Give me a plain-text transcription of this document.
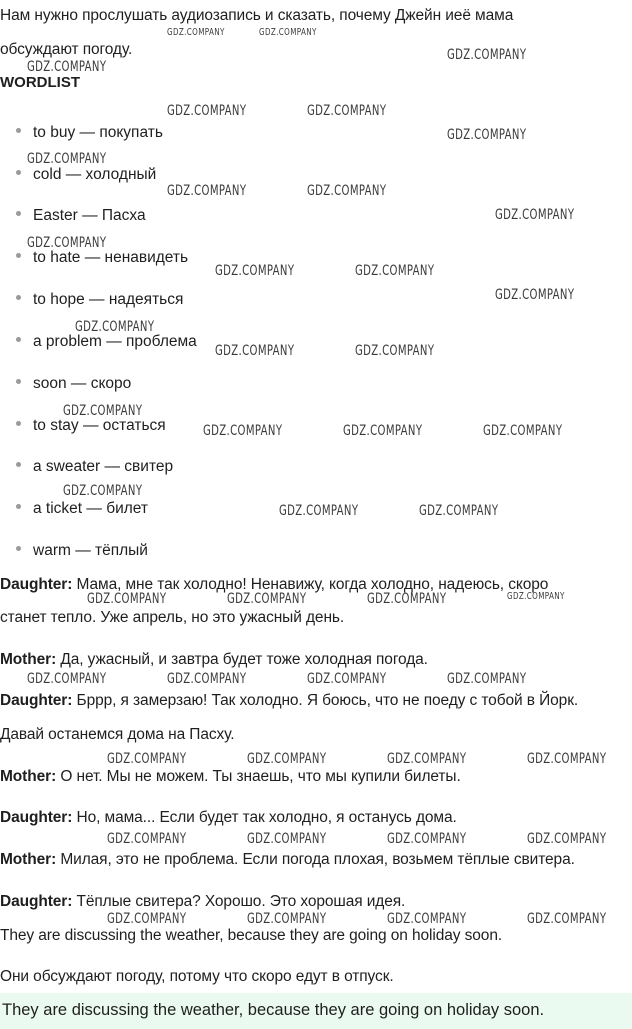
Нам нужно прослушать аудиозапись и сказать, почему Джейн иеё мама
обсуждают погоду.
WORDLIST
to buy — покупать
cold — холодный
Easter — Пасха
to hate — ненавидеть
to hope — надеяться
a problem — проблема
soon — скоро
to stay — остаться
a sweater — свитер
a ticket — билет
warm — тёплый
Daughter: Мама, мне так холодно! Ненавижу, когда холодно, надеюсь, скоро
станет тепло. Уже апрель, но это ужасный день.
Mother: Да, ужасный, и завтра будет тоже холодная погода.
Daughter: Бррр, я замерзаю! Так холодно. Я боюсь, что не поеду с тобой в Йорк.
Давай останемся дома на Пасху.
Mother: О нет. Мы не можем. Ты знаешь, что мы купили билеты.
Daughter: Но, мама... Если будет так холодно, я останусь дома.
Mother: Милая, это не проблема. Если погода плохая, возьмем тёплые свитера.
Daughter: Тёплые свитера? Хорошо. Это хорошая идея.
They are discussing the weather, because they are going on holiday soon.
Они обсуждают погоду, потому что скоро едут в отпуск.
They are discussing the weather, because they are going on holiday soon.
GDZ.COMPANY	GDZ.COMPANY
GDZ.COMPANY
GDZ.COMPANY
GDZ.COMPANY	GDZ.COMPANY
GDZ.COMPANY
GDZ.COMPANY
GDZ.COMPANY	GDZ.COMPANY
GDZ.COMPANY
GDZ.COMPANY
GDZ.COMPANY	GDZ.COMPANY
GDZ.COMPANY
GDZ.COMPANY
GDZ.COMPANY	GDZ.COMPANY
GDZ.COMPANY
GDZ.COMPANY	GDZ.COMPANY	GDZ.COMPANY
GDZ.COMPANY
GDZ.COMPANY	GDZ.COMPANY
GDZ.COMPANY	GDZ.COMPANY	GDZ.COMPANY	GDZ.COMPANY
GDZ.COMPANY	GDZ.COMPANY	GDZ.COMPANY	GDZ.COMPANY
GDZ.COMPANY	GDZ.COMPANY	GDZ.COMPANY	GDZ.COMPANY
GDZ.COMPANY	GDZ.COMPANY	GDZ.COMPANY	GDZ.COMPANY
GDZ.COMPANY	GDZ.COMPANY	GDZ.COMPANY	GDZ.COMPANY
